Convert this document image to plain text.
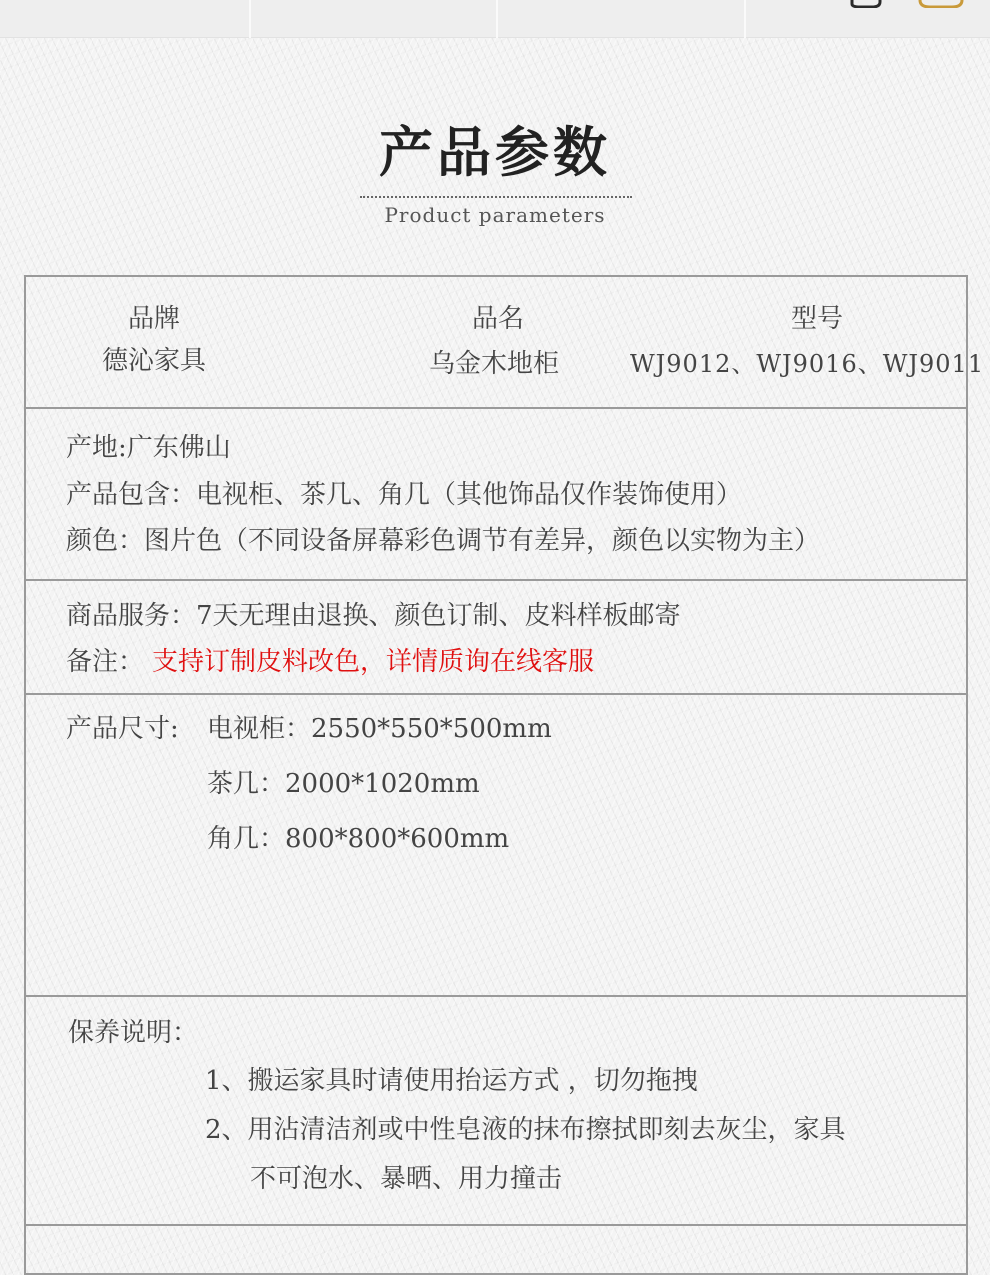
产品参数
Product parameters
品牌
德沁家具
品名
乌金木地柜
型号
WJ9012、WJ9016、WJ9011
产地:广东佛山
产品包含：电视柜、茶几、角几（其他饰品仅作装饰使用）
颜色：图片色（不同设备屏幕彩色调节有差异，颜色以实物为主）
商品服务：7天无理由退换、颜色订制、皮料样板邮寄
备注： 支持订制皮料改色，详情质询在线客服
产品尺寸: 电视柜：2550*550*500mm
茶几：2000*1020mm
角几：800*800*600mm
保养说明：
1、搬运家具时请使用抬运方式 ，切勿拖拽
2、用沾清洁剂或中性皂液的抹布擦拭即刻去灰尘，家具
不可泡水、暴晒、用力撞击
